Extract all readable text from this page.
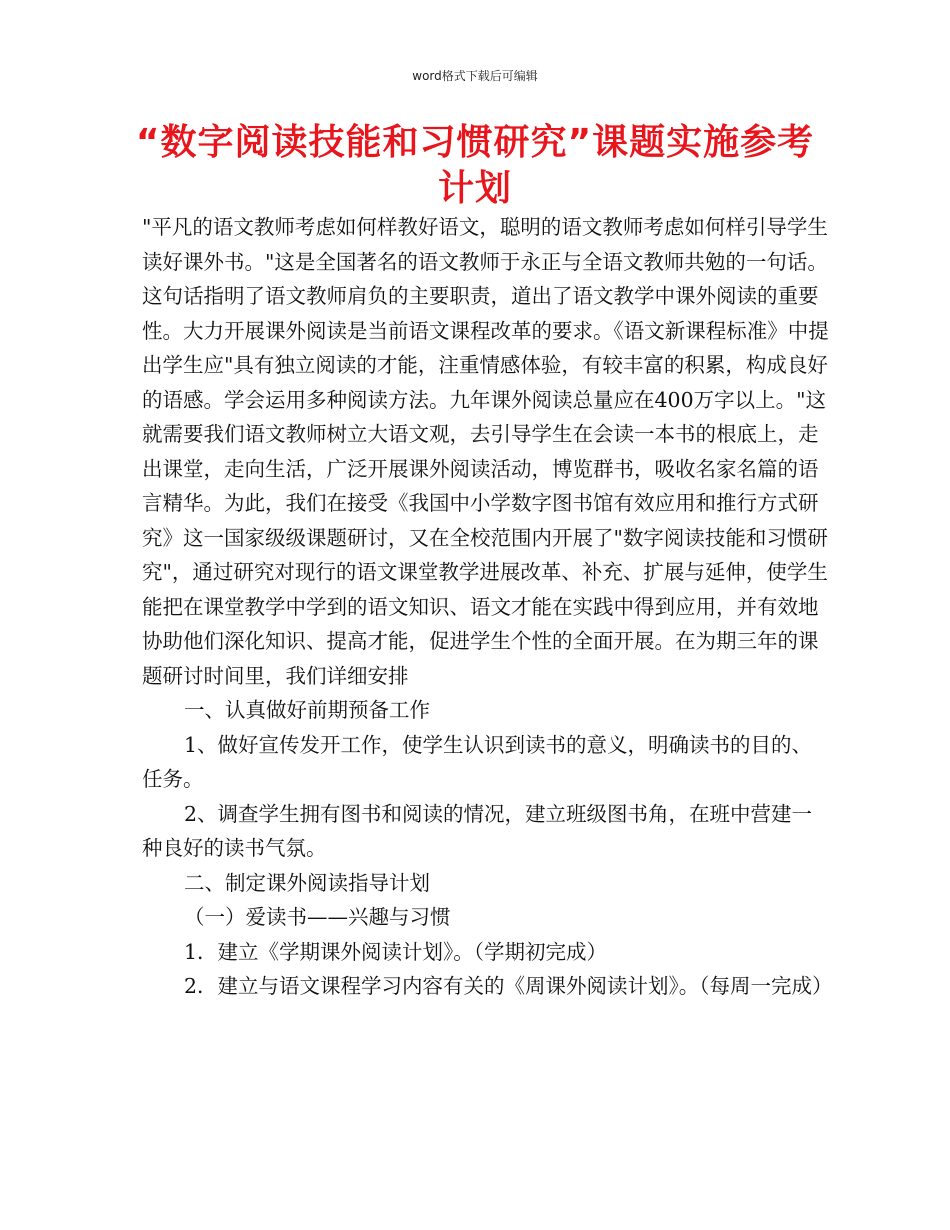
word格式下载后可编辑
“数字阅读技能和习惯研究”课题实施参考计划

"平凡的语文教师考虑如何样教好语文，聪明的语文教师考虑如何样引导学生读好课外书。"这是全国著名的语文教师于永正与全语文教师共勉的一句话。这句话指明了语文教师肩负的主要职责，道出了语文教学中课外阅读的重要性。大力开展课外阅读是当前语文课程改革的要求。《语文新课程标准》中提出学生应"具有独立阅读的才能，注重情感体验，有较丰富的积累，构成良好的语感。学会运用多种阅读方法。九年课外阅读总量应在400万字以上。"这就需要我们语文教师树立大语文观，去引导学生在会读一本书的根底上，走出课堂，走向生活，广泛开展课外阅读活动，博览群书，吸收名家名篇的语言精华。为此，我们在接受《我国中小学数字图书馆有效应用和推行方式研究》这一国家级级课题研讨，又在全校范围内开展了"数字阅读技能和习惯研究"，通过研究对现行的语文课堂教学进展改革、补充、扩展与延伸，使学生能把在课堂教学中学到的语文知识、语文才能在实践中得到应用，并有效地协助他们深化知识、提高才能，促进学生个性的全面开展。在为期三年的课题研讨时间里，我们详细安排

一、认真做好前期预备工作

1、做好宣传发开工作，使学生认识到读书的意义，明确读书的目的、任务。

2、调查学生拥有图书和阅读的情况，建立班级图书角，在班中营建一种良好的读书气氛。

二、制定课外阅读指导计划

（一）爱读书——兴趣与习惯

1．建立《学期课外阅读计划》。（学期初完成）

2．建立与语文课程学习内容有关的《周课外阅读计划》。（每周一完成）
